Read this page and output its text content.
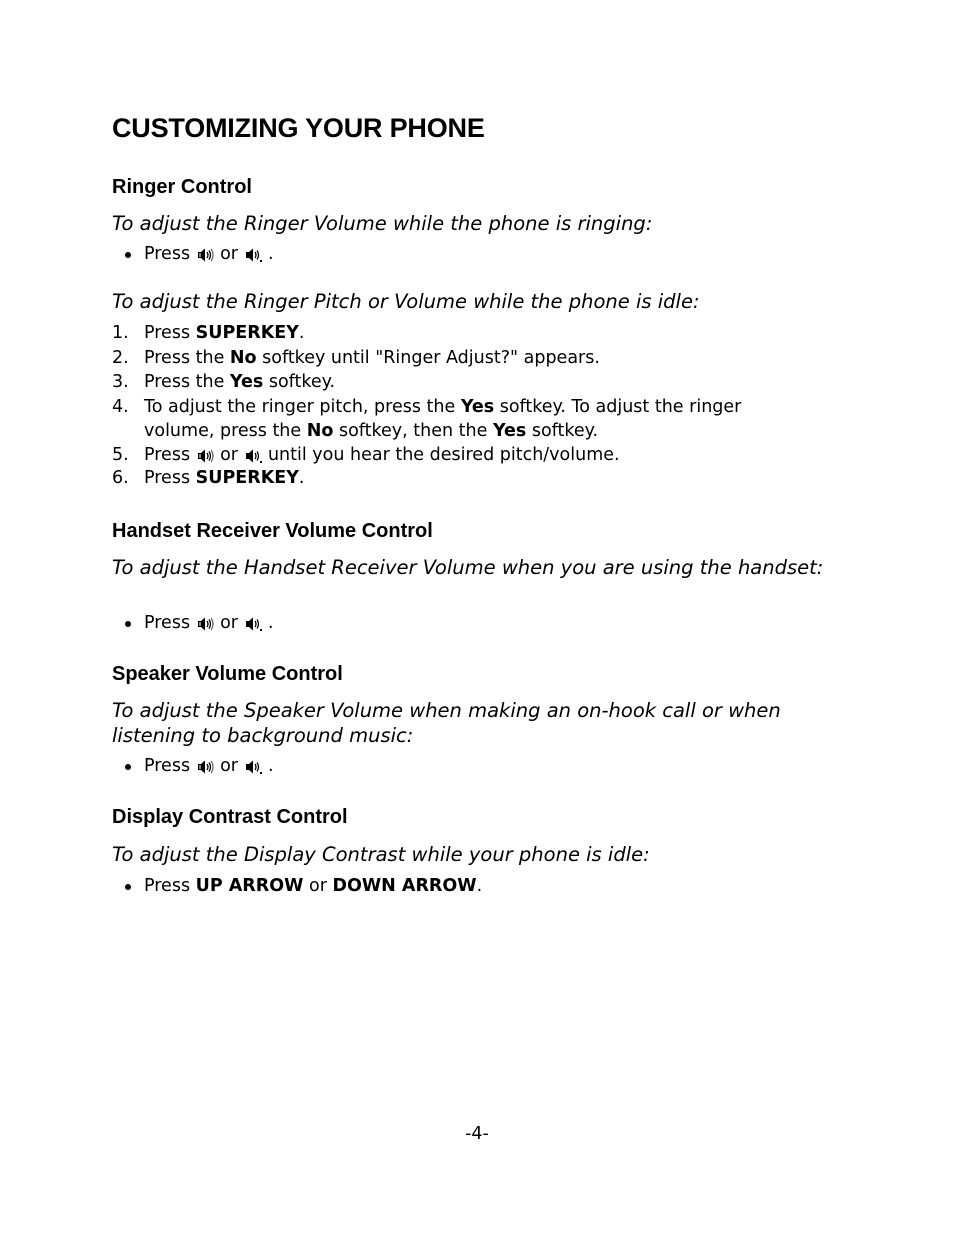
CUSTOMIZING YOUR PHONE
Ringer Control

To adjust the Ringer Volume while the phone is ringing:

Press or .

To adjust the Ringer Pitch or Volume while the phone is idle:

1. Press SUPERKEY.
2. Press the No softkey until "Ringer Adjust?" appears.
3. Press the Yes softkey.
4. To adjust the ringer pitch, press the Yes softkey. To adjust the ringer
volume, press the No softkey, then the Yes softkey.
5. Press or until you hear the desired pitch/volume.
6. Press SUPERKEY.
Handset Receiver Volume Control

To adjust the Handset Receiver Volume when you are using the handset:

Press or .
Speaker Volume Control

To adjust the Speaker Volume when making an on-hook call or when listening to background music:

Press or .
Display Contrast Control

To adjust the Display Contrast while your phone is idle:

Press UP ARROW or DOWN ARROW.
-4-
